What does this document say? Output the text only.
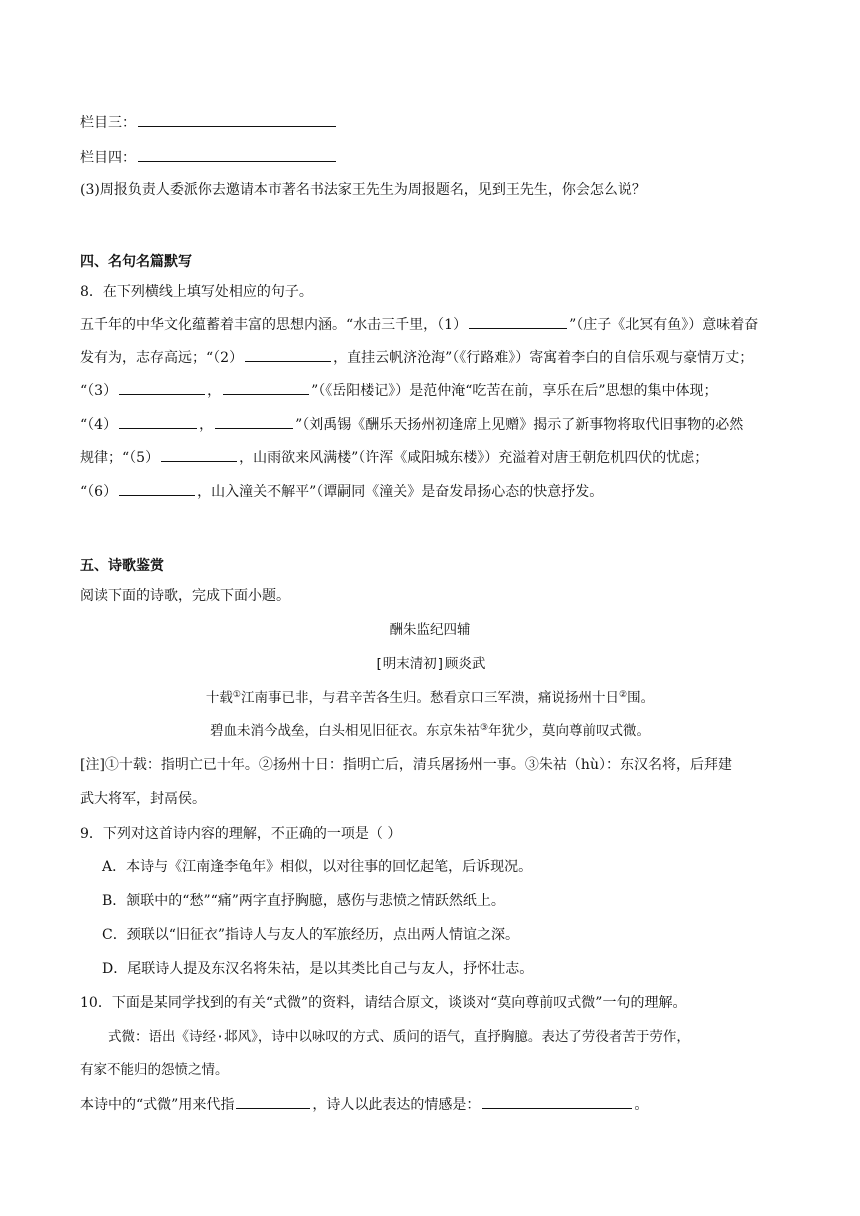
栏目三：
栏目四：
(3)周报负责人委派你去邀请本市著名书法家王先生为周报题名，见到王先生，你会怎么说？
四、名句名篇默写
8．在下列横线上填写处相应的句子。
五千年的中华文化蕴蓄着丰富的思想内涵。“水击三千里，（1）	”（庄子《北冥有鱼》）意味着奋
发有为，志存高远；“（2）	，直挂云帆济沧海”（《行路难》）寄寓着李白的自信乐观与豪情万丈；
“（3）	，	”（《岳阳楼记》）是范仲淹“吃苦在前，享乐在后”思想的集中体现；
“（4）	，	”（刘禹锡《酬乐天扬州初逢席上见赠》揭示了新事物将取代旧事物的必然
规律；“（5）	，山雨欲来风满楼”（许浑《咸阳城东楼》）充溢着对唐王朝危机四伏的忧虑；
“（6）	，山入潼关不解平”（谭嗣同《潼关》是奋发昂扬心态的快意抒发。
五、诗歌鉴赏
阅读下面的诗歌，完成下面小题。
酬朱监纪四辅
[明末清初]顾炎武
十载①江南事已非，与君辛苦各生归。愁看京口三军溃，痛说扬州十日②围。
碧血未消今战垒，白头相见旧征衣。东京朱祜③年犹少，莫向尊前叹式微。
[注]①十载：指明亡已十年。②扬州十日：指明亡后，清兵屠扬州一事。③朱祜（hù）：东汉名将，后拜建
武大将军，封鬲侯。
9．下列对这首诗内容的理解，不正确的一项是（ ）
A．本诗与《江南逢李龟年》相似，以对往事的回忆起笔，后诉现况。
B．颔联中的“愁”“痛”两字直抒胸臆，感伤与悲愤之情跃然纸上。
C．颈联以“旧征衣”指诗人与友人的军旅经历，点出两人情谊之深。
D．尾联诗人提及东汉名将朱祜，是以其类比自己与友人，抒怀壮志。
10．下面是某同学找到的有关“式微”的资料，请结合原文，谈谈对“莫向尊前叹式微”一句的理解。
式微：语出《诗经·邶风》，诗中以咏叹的方式、质问的语气，直抒胸臆。表达了劳役者苦于劳作，
有家不能归的怨愤之情。
本诗中的“式微”用来代指	，诗人以此表达的情感是：	。
